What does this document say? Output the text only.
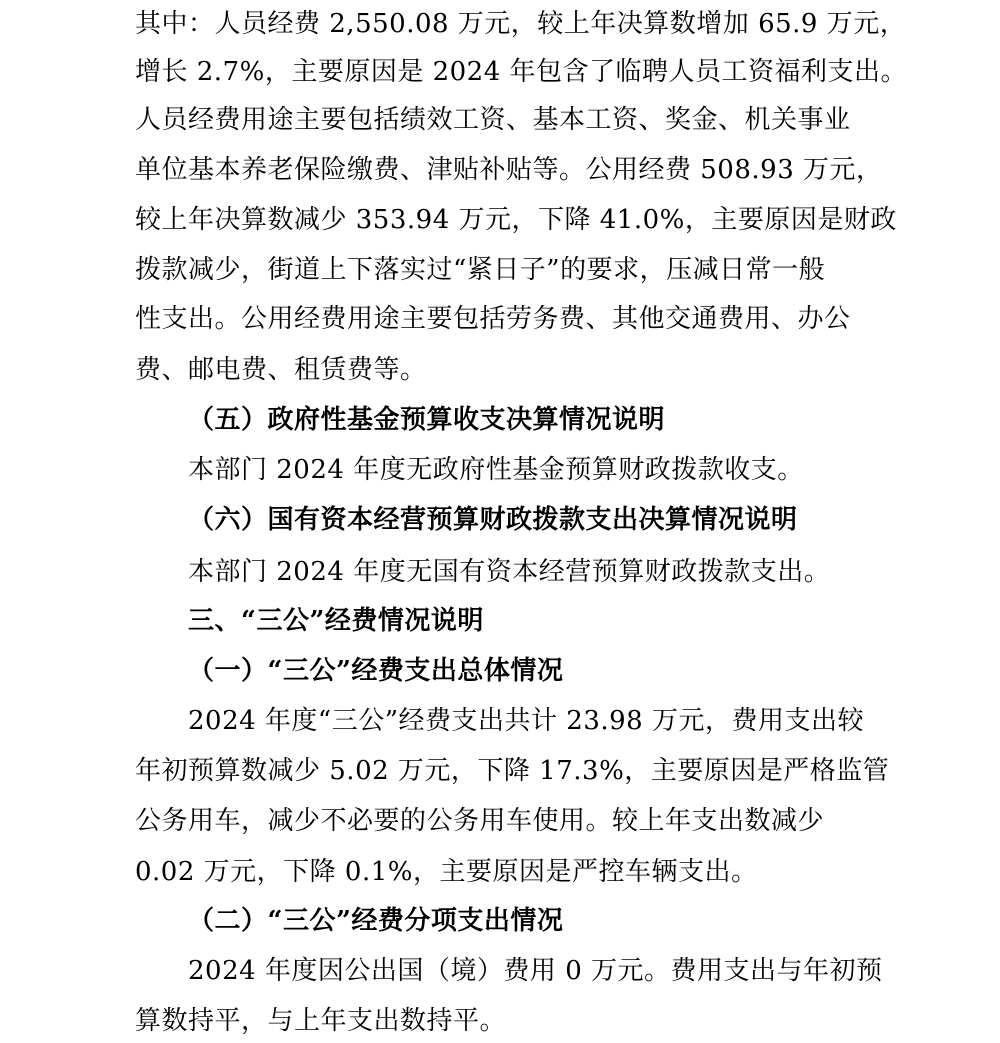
其中：人员经费 2,550.08 万元，较上年决算数增加 65.9 万元，
增长 2.7%，主要原因是 2024 年包含了临聘人员工资福利支出。
人员经费用途主要包括绩效工资、基本工资、奖金、机关事业
单位基本养老保险缴费、津贴补贴等。公用经费 508.93 万元，
较上年决算数减少 353.94 万元，下降 41.0%，主要原因是财政
拨款减少，街道上下落实过“紧日子”的要求，压减日常一般
性支出。公用经费用途主要包括劳务费、其他交通费用、办公
费、邮电费、租赁费等。
（五）政府性基金预算收支决算情况说明
本部门 2024 年度无政府性基金预算财政拨款收支。
（六）国有资本经营预算财政拨款支出决算情况说明
本部门 2024 年度无国有资本经营预算财政拨款支出。
三、“三公”经费情况说明
（一）“三公”经费支出总体情况
2024 年度“三公”经费支出共计 23.98 万元，费用支出较
年初预算数减少 5.02 万元，下降 17.3%，主要原因是严格监管
公务用车，减少不必要的公务用车使用。较上年支出数减少
0.02 万元，下降 0.1%，主要原因是严控车辆支出。
（二）“三公”经费分项支出情况
2024 年度因公出国（境）费用 0 万元。费用支出与年初预
算数持平，与上年支出数持平。
